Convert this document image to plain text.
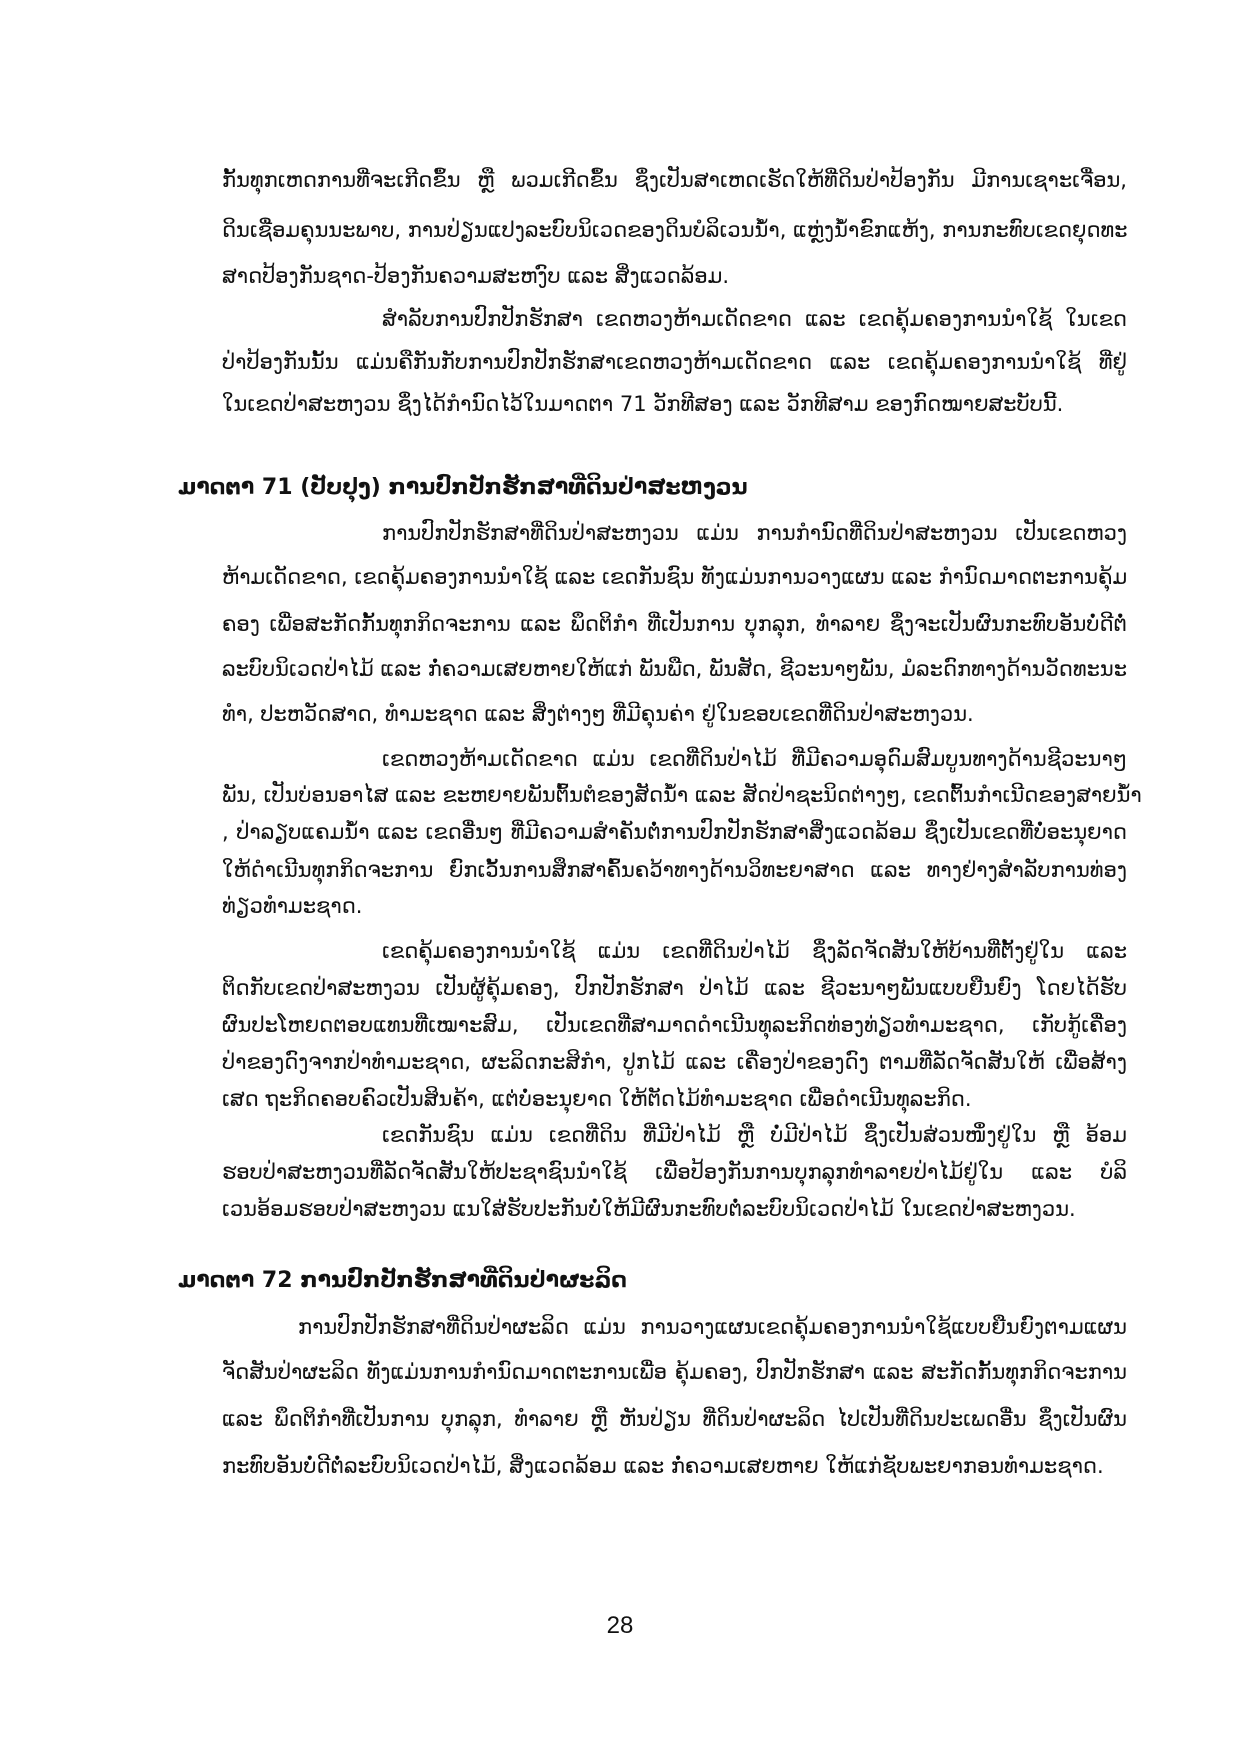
ກັ້ນທຸກເຫດການທີ່ຈະເກີດຂຶ້ນ ຫຼື ພວມເກີດຂຶ້ນ ຊຶ່ງເປັນສາເຫດເຮັດໃຫ້ທີ່ດິນປ່າປ້ອງກັນ ມີການເຊາະເຈື່ອນ,
ດິນເຊື່ອມຄຸນນະພາບ, ການປ່ຽນແປງລະບົບນິເວດຂອງດິນບໍລິເວນນ້ຳ, ແຫຼ່ງນ້ຳຂົກແຫ້ງ, ການກະທົບເຂດຍຸດທະ
ສາດປ້ອງກັນຊາດ-ປ້ອງກັນຄວາມສະຫງົບ ແລະ ສິ່ງແວດລ້ອມ.
ສຳລັບການປົກປັກຮັກສາ ເຂດຫວງຫ້າມເດັດຂາດ ແລະ ເຂດຄຸ້ມຄອງການນຳໃຊ້ ໃນເຂດ
ປ່າປ້ອງກັນນັ້ນ ແມ່ນຄືກັນກັບການປົກປັກຮັກສາເຂດຫວງຫ້າມເດັດຂາດ ແລະ ເຂດຄຸ້ມຄອງການນຳໃຊ້ ທີ່ຢູ່
ໃນເຂດປ່າສະຫງວນ ຊຶ່ງໄດ້ກຳນົດໄວ້ໃນມາດຕາ 71 ວັກທີສອງ ແລະ ວັກທີສາມ ຂອງກົດໝາຍສະບັບນີ້.
ມາດຕາ 71 (ປັບປຸງ) ການປົກປັກຮັກສາທີ່ດິນປ່າສະຫງວນ
ການປົກປັກຮັກສາທີ່ດິນປ່າສະຫງວນ ແມ່ນ ການກຳນົດທີ່ດິນປ່າສະຫງວນ ເປັນເຂດຫວງ
ຫ້າມເດັດຂາດ, ເຂດຄຸ້ມຄອງການນຳໃຊ້ ແລະ ເຂດກັນຊົນ ທັງແມ່ນການວາງແຜນ ແລະ ກຳນົດມາດຕະການຄຸ້ມ
ຄອງ ເພື່ອສະກັດກັ້ນທຸກກິດຈະການ ແລະ ພຶດຕິກຳ ທີ່ເປັນການ ບຸກລຸກ, ທຳລາຍ ຊຶ່ງຈະເປັນຜົນກະທົບອັນບໍ່ດີຕໍ່
ລະບົບນິເວດປ່າໄມ້ ແລະ ກໍ່ຄວາມເສຍຫາຍໃຫ້ແກ່ ພັນພືດ, ພັນສັດ, ຊີວະນາໆພັນ, ມໍລະດົກທາງດ້ານວັດທະນະ
ທຳ, ປະຫວັດສາດ, ທຳມະຊາດ ແລະ ສິ່ງຕ່າງໆ ທີ່ມີຄຸນຄ່າ ຢູ່ໃນຂອບເຂດທີ່ດິນປ່າສະຫງວນ.
ເຂດຫວງຫ້າມເດັດຂາດ ແມ່ນ ເຂດທີ່ດິນປ່າໄມ້ ທີ່ມີຄວາມອຸດົມສົມບູນທາງດ້ານຊີວະນາໆ
ພັນ, ເປັນບ່ອນອາໄສ ແລະ ຂະຫຍາຍພັນຕົ້ນຕໍຂອງສັດນ້ຳ ແລະ ສັດປ່າຊະນິດຕ່າງໆ, ເຂດຕົ້ນກຳເນີດຂອງສາຍນ້ຳ
, ປ່າລຽບແຄມນ້ຳ ແລະ ເຂດອື່ນໆ ທີ່ມີຄວາມສຳຄັນຕໍ່ການປົກປັກຮັກສາສິ່ງແວດລ້ອມ ຊຶ່ງເປັນເຂດທີ່ບໍ່ອະນຸຍາດ
ໃຫ້ດຳເນີນທຸກກິດຈະການ ຍົກເວັ້ນການສຶກສາຄົ້ນຄວ້າທາງດ້ານວິທະຍາສາດ ແລະ ທາງຢ່າງສຳລັບການທ່ອງ
ທ່ຽວທຳມະຊາດ.
ເຂດຄຸ້ມຄອງການນຳໃຊ້ ແມ່ນ ເຂດທີ່ດິນປ່າໄມ້ ຊຶ່ງລັດຈັດສັນໃຫ້ບ້ານທີ່ຕັ້ງຢູ່ໃນ ແລະ
ຕິດກັບເຂດປ່າສະຫງວນ ເປັນຜູ້ຄຸ້ມຄອງ, ປົກປັກຮັກສາ ປ່າໄມ້ ແລະ ຊີວະນາໆພັນແບບຍືນຍົງ ໂດຍໄດ້ຮັບ
ຜົນປະໂຫຍດຕອບແທນທີ່ເໝາະສົມ, ເປັນເຂດທີ່ສາມາດດຳເນີນທຸລະກິດທ່ອງທ່ຽວທຳມະຊາດ, ເກັບກູ້ເຄື່ອງ
ປ່າຂອງດົງຈາກປ່າທຳມະຊາດ, ຜະລິດກະສິກຳ, ປູກໄມ້ ແລະ ເຄື່ອງປ່າຂອງດົງ ຕາມທີ່ລັດຈັດສັນໃຫ້ ເພື່ອສ້າງ
ເສດ ຖະກິດຄອບຄົວເປັນສິນຄ້າ, ແຕ່ບໍ່ອະນຸຍາດ ໃຫ້ຕັດໄມ້ທຳມະຊາດ ເພື່ອດຳເນີນທຸລະກິດ.
ເຂດກັນຊົນ ແມ່ນ ເຂດທີ່ດິນ ທີ່ມີປ່າໄມ້ ຫຼື ບໍ່ມີປ່າໄມ້ ຊຶ່ງເປັນສ່ວນໜຶ່ງຢູ່ໃນ ຫຼື ອ້ອມ
ຮອບປ່າສະຫງວນທີ່ລັດຈັດສັນໃຫ້ປະຊາຊົນນຳໃຊ້ ເພື່ອປ້ອງກັນການບຸກລຸກທຳລາຍປ່າໄມ້ຢູ່ໃນ ແລະ ບໍລິ
ເວນອ້ອມຮອບປ່າສະຫງວນ ແນໃສ່ຮັບປະກັນບໍ່ໃຫ້ມີຜົນກະທົບຕໍ່ລະບົບນິເວດປ່າໄມ້ ໃນເຂດປ່າສະຫງວນ.
ມາດຕາ 72 ການປົກປັກຮັກສາທີ່ດິນປ່າຜະລິດ
ການປົກປັກຮັກສາທີ່ດິນປ່າຜະລິດ ແມ່ນ ການວາງແຜນເຂດຄຸ້ມຄອງການນຳໃຊ້ແບບຍືນຍົງຕາມແຜນ
ຈັດສັນປ່າຜະລິດ ທັງແມ່ນການກຳນົດມາດຕະການເພື່ອ ຄຸ້ມຄອງ, ປົກປັກຮັກສາ ແລະ ສະກັດກັ້ນທຸກກິດຈະການ
ແລະ ພຶດຕິກຳທີ່ເປັນການ ບຸກລຸກ, ທຳລາຍ ຫຼື ຫັນປ່ຽນ ທີ່ດິນປ່າຜະລິດ ໄປເປັນທີ່ດິນປະເພດອື່ນ ຊຶ່ງເປັນຜົນ
ກະທົບອັນບໍ່ດີຕໍ່ລະບົບນິເວດປ່າໄມ້, ສິ່ງແວດລ້ອມ ແລະ ກໍ່ຄວາມເສຍຫາຍ ໃຫ້ແກ່ຊັບພະຍາກອນທຳມະຊາດ.
28
